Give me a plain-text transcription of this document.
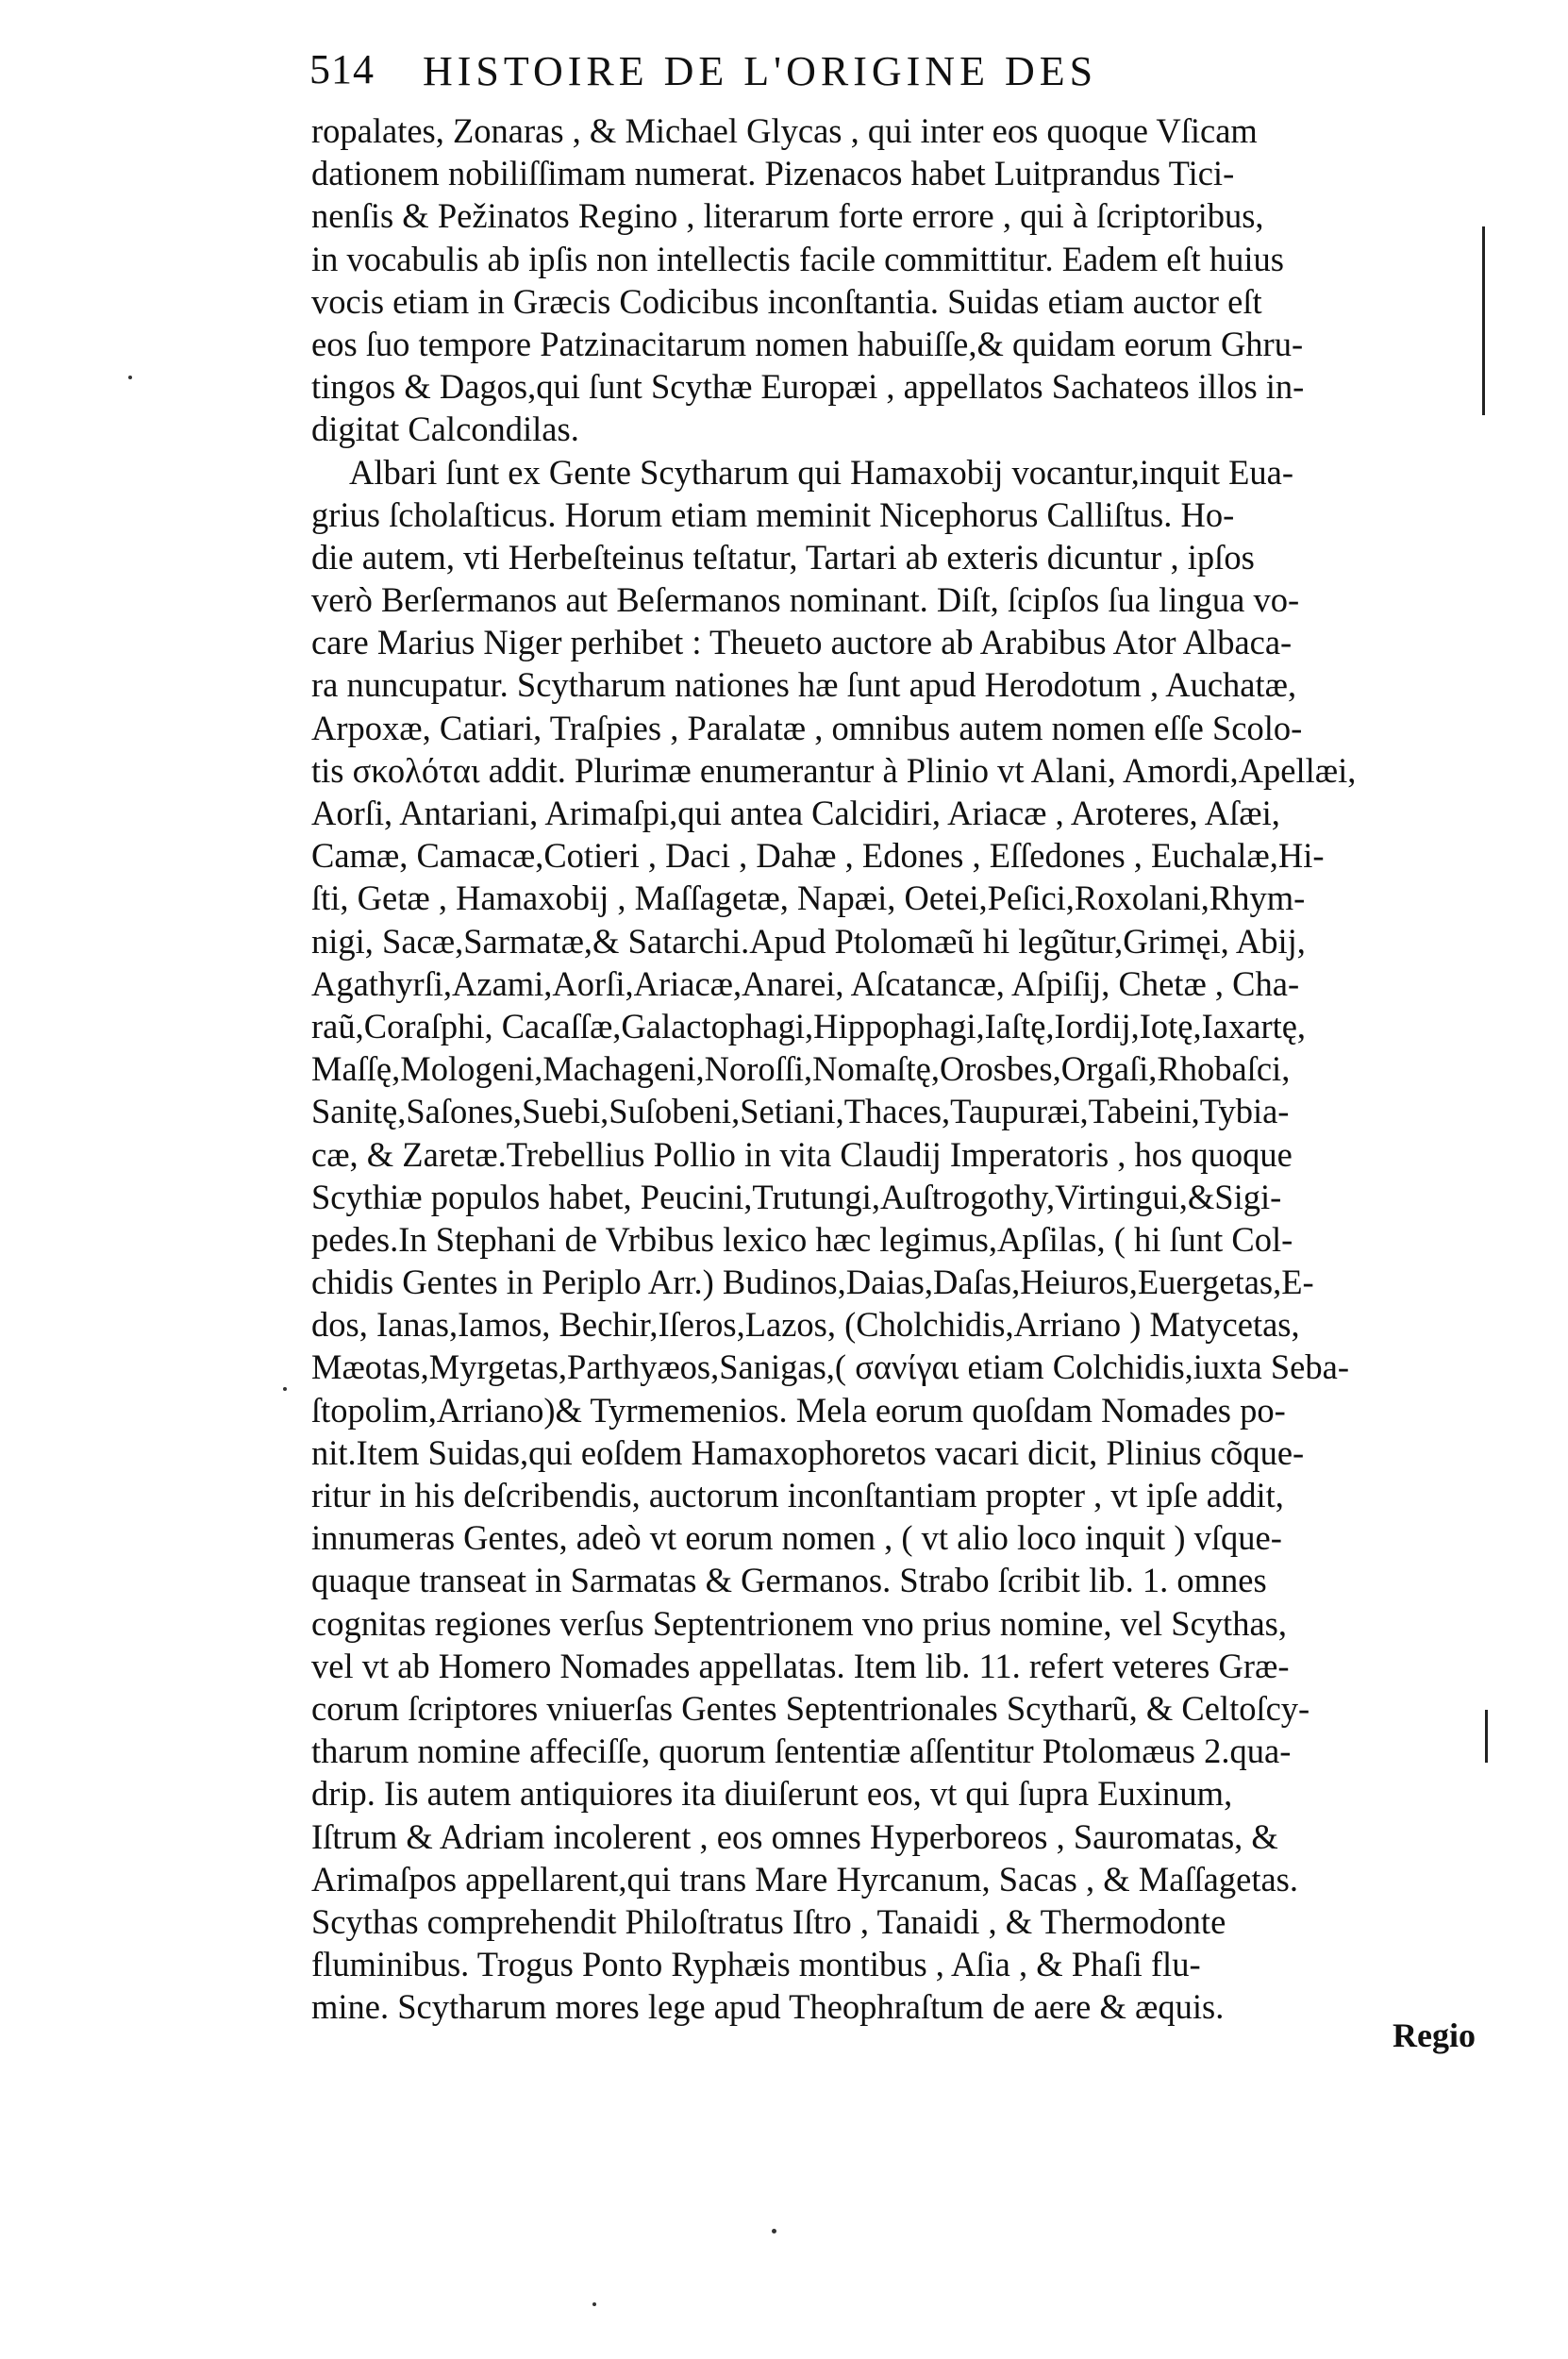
514 HISTOIRE DE L'ORIGINE DES
ropalates, Zonaras , & Michael Glycas , qui inter eos quoque Vſicam
dationem nobiliſſimam numerat. Pizenacos habet Luitprandus Tici-
nenſis & Pežinatos Regino , literarum forte errore , qui à ſcriptoribus,
in vocabulis ab ipſis non intellectis facile committitur. Eadem eſt huius
vocis etiam in Græcis Codicibus inconſtantia. Suidas etiam auctor eſt
eos ſuo tempore Patzinacitarum nomen habuiſſe,& quidam eorum Ghru-
tingos & Dagos,qui ſunt Scythæ Europæi , appellatos Sachateos illos in-
digitat Calcondilas.
Albari ſunt ex Gente Scytharum qui Hamaxobij vocantur,inquit Eua-
grius ſcholaſticus. Horum etiam meminit Nicephorus Calliſtus. Ho-
die autem, vti Herbeſteinus teſtatur, Tartari ab exteris dicuntur , ipſos
verò Berſermanos aut Beſermanos nominant. Diſt, ſcipſos ſua lingua vo-
care Marius Niger perhibet : Theueto auctore ab Arabibus Ator Albaca-
ra nuncupatur. Scytharum nationes hæ ſunt apud Herodotum , Auchatæ,
Arpoxæ, Catiari, Traſpies , Paralatæ , omnibus autem nomen eſſe Scolo-
tis σκολόται addit. Plurimæ enumerantur à Plinio vt Alani, Amordi,Apellæi,
Aorſi, Antariani, Arimaſpi,qui antea Calcidiri, Ariacæ , Aroteres, Aſæi,
Camæ, Camacæ,Cotieri , Daci , Dahæ , Edones , Eſſedones , Euchalæ,Hi-
ſti, Getæ , Hamaxobij , Maſſagetæ, Napæi, Oetei,Peſici,Roxolani,Rhym-
nigi, Sacæ,Sarmatæ,& Satarchi.Apud Ptolomæũ hi legũtur,Grimęi, Abij,
Agathyrſi,Azami,Aorſi,Ariacæ,Anarei, Aſcatancæ, Aſpiſij, Chetæ , Cha-
raũ,Coraſphi, Cacaſſæ,Galactophagi,Hippophagi,Iaſtę,Iordij,Iotę,Iaxartę,
Maſſę,Mologeni,Machageni,Noroſſi,Nomaſtę,Orosbes,Orgaſi,Rhobaſci,
Sanitę,Saſones,Suebi,Suſobeni,Setiani,Thaces,Taupuræi,Tabeini,Tybia-
cæ, & Zaretæ.Trebellius Pollio in vita Claudij Imperatoris , hos quoque
Scythiæ populos habet, Peucini,Trutungi,Auſtrogothy,Virtingui,&Sigi-
pedes.In Stephani de Vrbibus lexico hæc legimus,Apſilas, ( hi ſunt Col-
chidis Gentes in Periplo Arr.) Budinos,Daias,Daſas,Heiuros,Euergetas,E-
dos, Ianas,Iamos, Bechir,Iſeros,Lazos, (Cholchidis,Arriano ) Matycetas,
Mæotas,Myrgetas,Parthyæos,Sanigas,( σανίγαι etiam Colchidis,iuxta Seba-
ſtopolim,Arriano)& Tyrmemenios. Mela eorum quoſdam Nomades po-
nit.Item Suidas,qui eoſdem Hamaxophoretos vacari dicit, Plinius cõque-
ritur in his deſcribendis, auctorum inconſtantiam propter , vt ipſe addit,
innumeras Gentes, adeò vt eorum nomen , ( vt alio loco inquit ) vſque-
quaque transeat in Sarmatas & Germanos. Strabo ſcribit lib. 1. omnes
cognitas regiones verſus Septentrionem vno prius nomine, vel Scythas,
vel vt ab Homero Nomades appellatas. Item lib. 11. refert veteres Græ-
corum ſcriptores vniuerſas Gentes Septentrionales Scytharũ, & Celtoſcy-
tharum nomine affeciſſe, quorum ſententiæ aſſentitur Ptolomæus 2.qua-
drip. Iis autem antiquiores ita diuiſerunt eos, vt qui ſupra Euxinum,
Iſtrum & Adriam incolerent , eos omnes Hyperboreos , Sauromatas, &
Arimaſpos appellarent,qui trans Mare Hyrcanum, Sacas , & Maſſagetas.
Scythas comprehendit Philoſtratus Iſtro , Tanaidi , & Thermodonte
fluminibus. Trogus Ponto Ryphæis montibus , Aſia , & Phaſi flu-
mine. Scytharum mores lege apud Theophraſtum de aere & æquis.
Regio
